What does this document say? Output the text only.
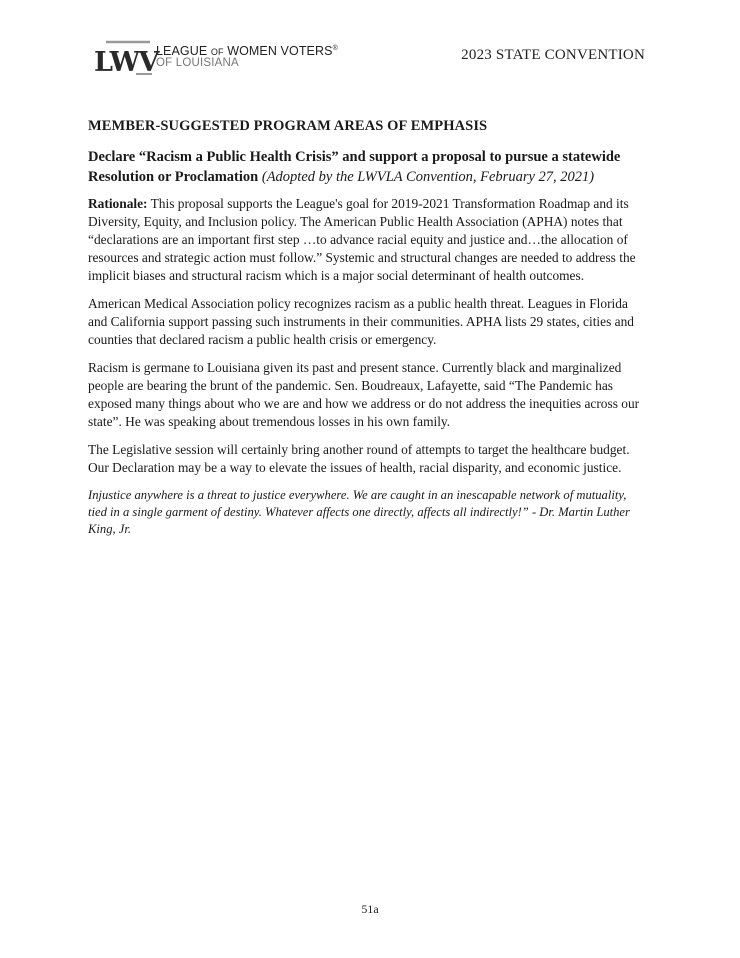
LWV
LEAGUE OF WOMEN VOTERS®
OF LOUISIANA	2023 STATE CONVENTION
MEMBER-SUGGESTED PROGRAM AREAS OF EMPHASIS
Declare “Racism a Public Health Crisis” and support a proposal to pursue a statewide Resolution or Proclamation (Adopted by the LWVLA Convention, February 27, 2021)

Rationale: This proposal supports the League's goal for 2019-2021 Transformation Roadmap and its Diversity, Equity, and Inclusion policy. The American Public Health Association (APHA) notes that “declarations are an important first step …to advance racial equity and justice and…the allocation of resources and strategic action must follow.” Systemic and structural changes are needed to address the implicit biases and structural racism which is a major social determinant of health outcomes.

American Medical Association policy recognizes racism as a public health threat. Leagues in Florida and California support passing such instruments in their communities. APHA lists 29 states, cities and counties that declared racism a public health crisis or emergency.

Racism is germane to Louisiana given its past and present stance. Currently black and marginalized people are bearing the brunt of the pandemic. Sen. Boudreaux, Lafayette, said “The Pandemic has exposed many things about who we are and how we address or do not address the inequities across our state”. He was speaking about tremendous losses in his own family.

The Legislative session will certainly bring another round of attempts to target the healthcare budget. Our Declaration may be a way to elevate the issues of health, racial disparity, and economic justice.

Injustice anywhere is a threat to justice everywhere. We are caught in an inescapable network of mutuality, tied in a single garment of destiny. Whatever affects one directly, affects all indirectly!” - Dr. Martin Luther King, Jr.

51a
